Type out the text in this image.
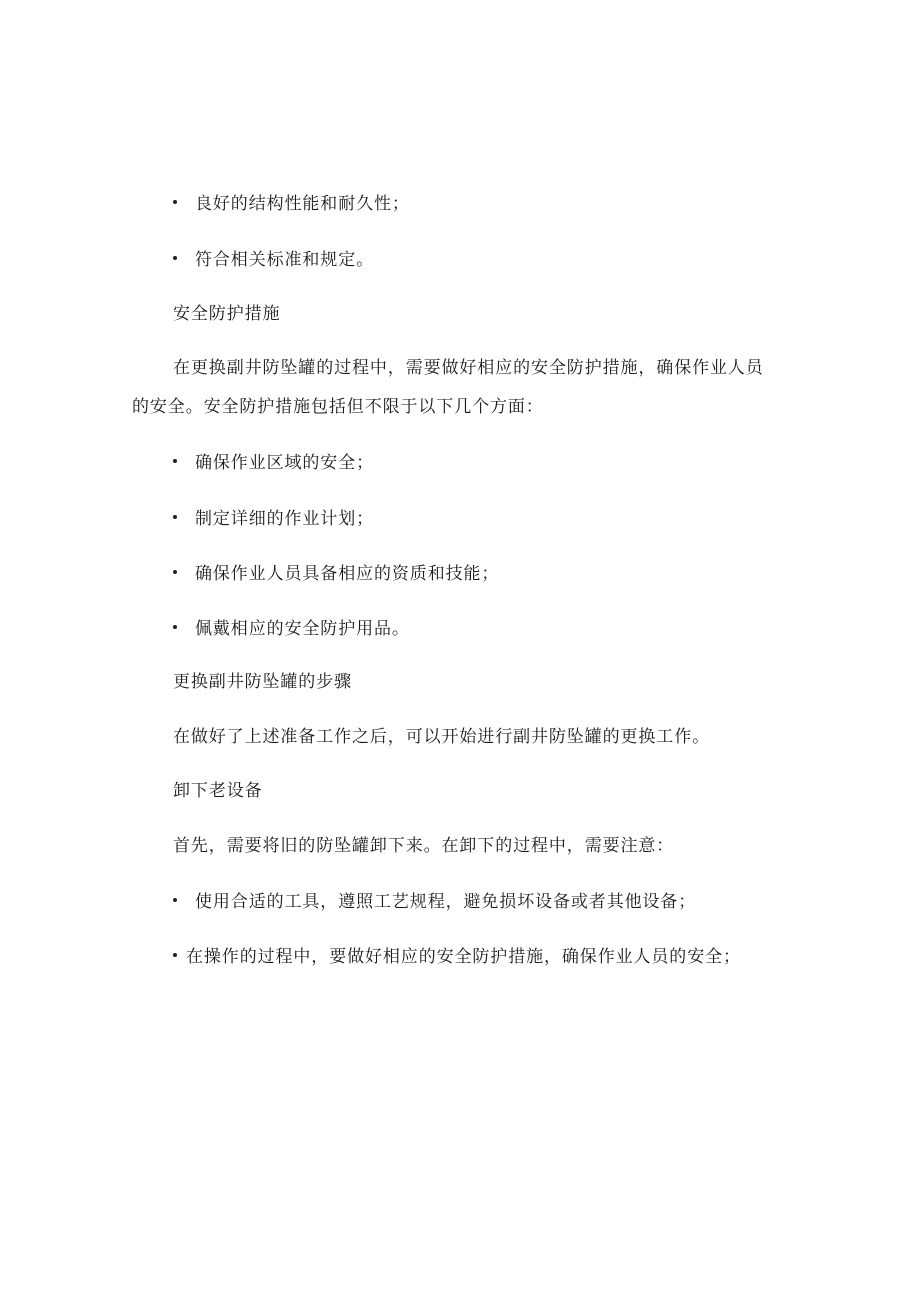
良好的结构性能和耐久性；
符合相关标准和规定。
安全防护措施
在更换副井防坠罐的过程中，需要做好相应的安全防护措施，确保作业人员
的安全。安全防护措施包括但不限于以下几个方面：
确保作业区域的安全；
制定详细的作业计划；
确保作业人员具备相应的资质和技能；
佩戴相应的安全防护用品。
更换副井防坠罐的步骤
在做好了上述准备工作之后，可以开始进行副井防坠罐的更换工作。
卸下老设备
首先，需要将旧的防坠罐卸下来。在卸下的过程中，需要注意：
使用合适的工具，遵照工艺规程，避免损坏设备或者其他设备；
在操作的过程中，要做好相应的安全防护措施，确保作业人员的安全；
